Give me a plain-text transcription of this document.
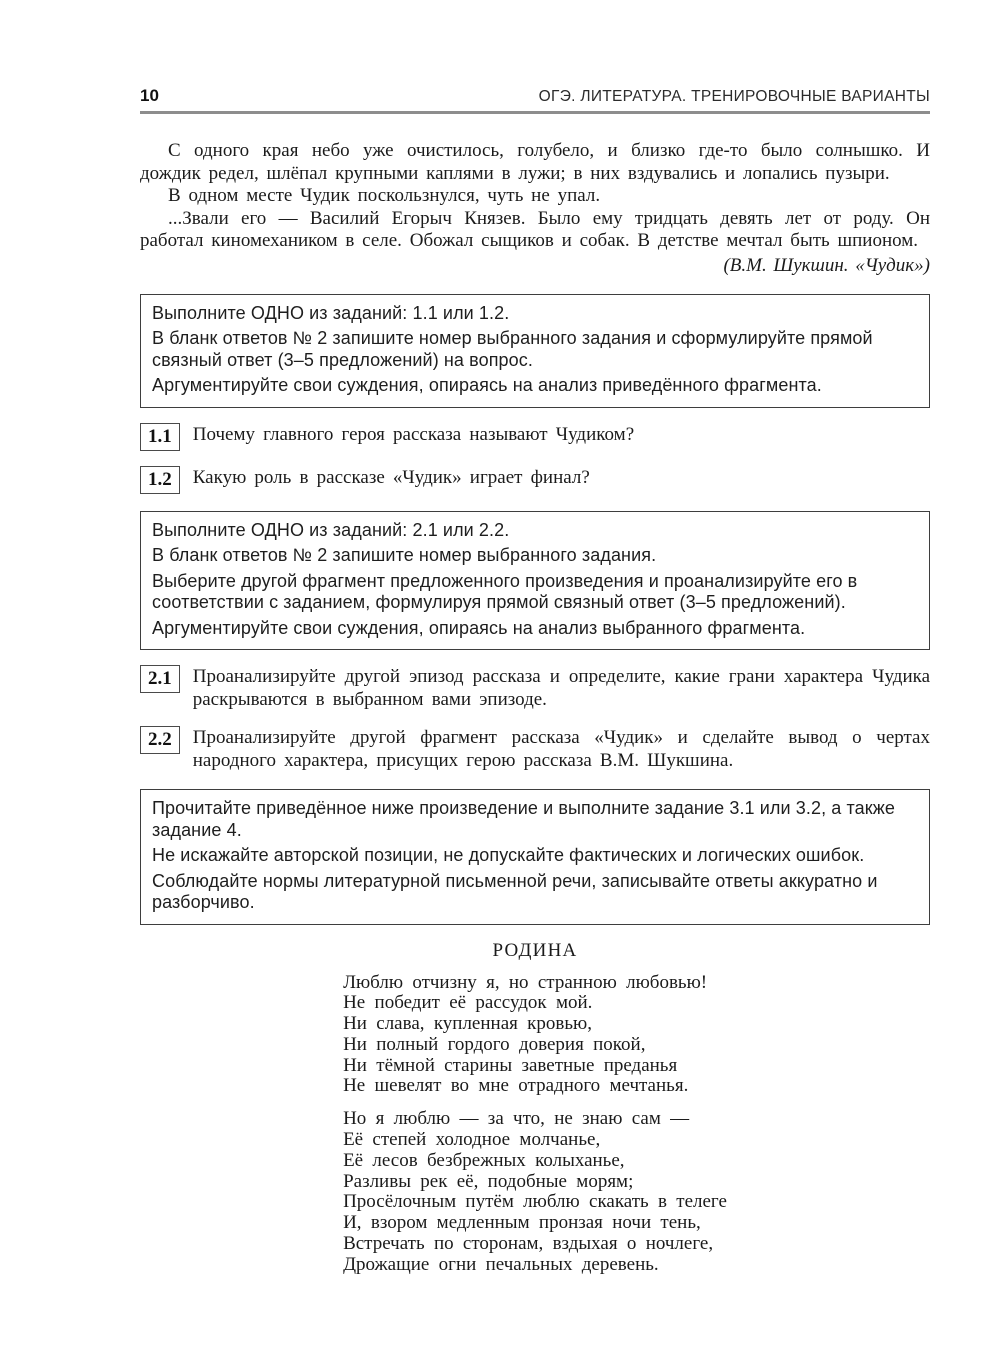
10	ОГЭ. ЛИТЕРАТУРА. ТРЕНИРОВОЧНЫЕ ВАРИАНТЫ

С одного края небо уже очистилось, голубело, и близко где-то было солнышко. И дождик редел, шлёпал крупными каплями в лужи; в них вздувались и лопались пузыри.

В одном месте Чудик поскользнулся, чуть не упал.

...Звали его — Василий Егорыч Князев. Было ему тридцать девять лет от роду. Он работал киномехаником в селе. Обожал сыщиков и собак. В детстве мечтал быть шпионом.

(В.М. Шукшин. «Чудик»)

Выполните ОДНО из заданий: 1.1 или 1.2.

В бланк ответов № 2 запишите номер выбранного задания и сформулируйте прямой связный ответ (3–5 предложений) на вопрос.

Аргументируйте свои суждения, опираясь на анализ приведённого фрагмента.

1.1	Почему главного героя рассказа называют Чудиком?
1.2	Какую роль в рассказе «Чудик» играет финал?

Выполните ОДНО из заданий: 2.1 или 2.2.

В бланк ответов № 2 запишите номер выбранного задания.

Выберите другой фрагмент предложенного произведения и проанализируйте его в соответствии с заданием, формулируя прямой связный ответ (3–5 предложений).

Аргументируйте свои суждения, опираясь на анализ выбранного фрагмента.

2.1	Проанализируйте другой эпизод рассказа и определите, какие грани характера Чудика раскрываются в выбранном вами эпизоде.
2.2	Проанализируйте другой фрагмент рассказа «Чудик» и сделайте вывод о чертах народного характера, присущих герою рассказа В.М. Шукшина.

Прочитайте приведённое ниже произведение и выполните задание 3.1 или 3.2, а также задание 4.

Не искажайте авторской позиции, не допускайте фактических и логических ошибок.

Соблюдайте нормы литературной письменной речи, записывайте ответы аккуратно и разборчиво.

РОДИНА
Люблю отчизну я, но странною любовью!
Не победит её рассудок мой.
Ни слава, купленная кровью,
Ни полный гордого доверия покой,
Ни тёмной старины заветные преданья
Не шевелят во мне отрадного мечтанья.
Но я люблю — за что, не знаю сам —
Её степей холодное молчанье,
Её лесов безбрежных колыханье,
Разливы рек её, подобные морям;
Просёлочным путём люблю скакать в телеге
И, взором медленным пронзая ночи тень,
Встречать по сторонам, вздыхая о ночлеге,
Дрожащие огни печальных деревень.
